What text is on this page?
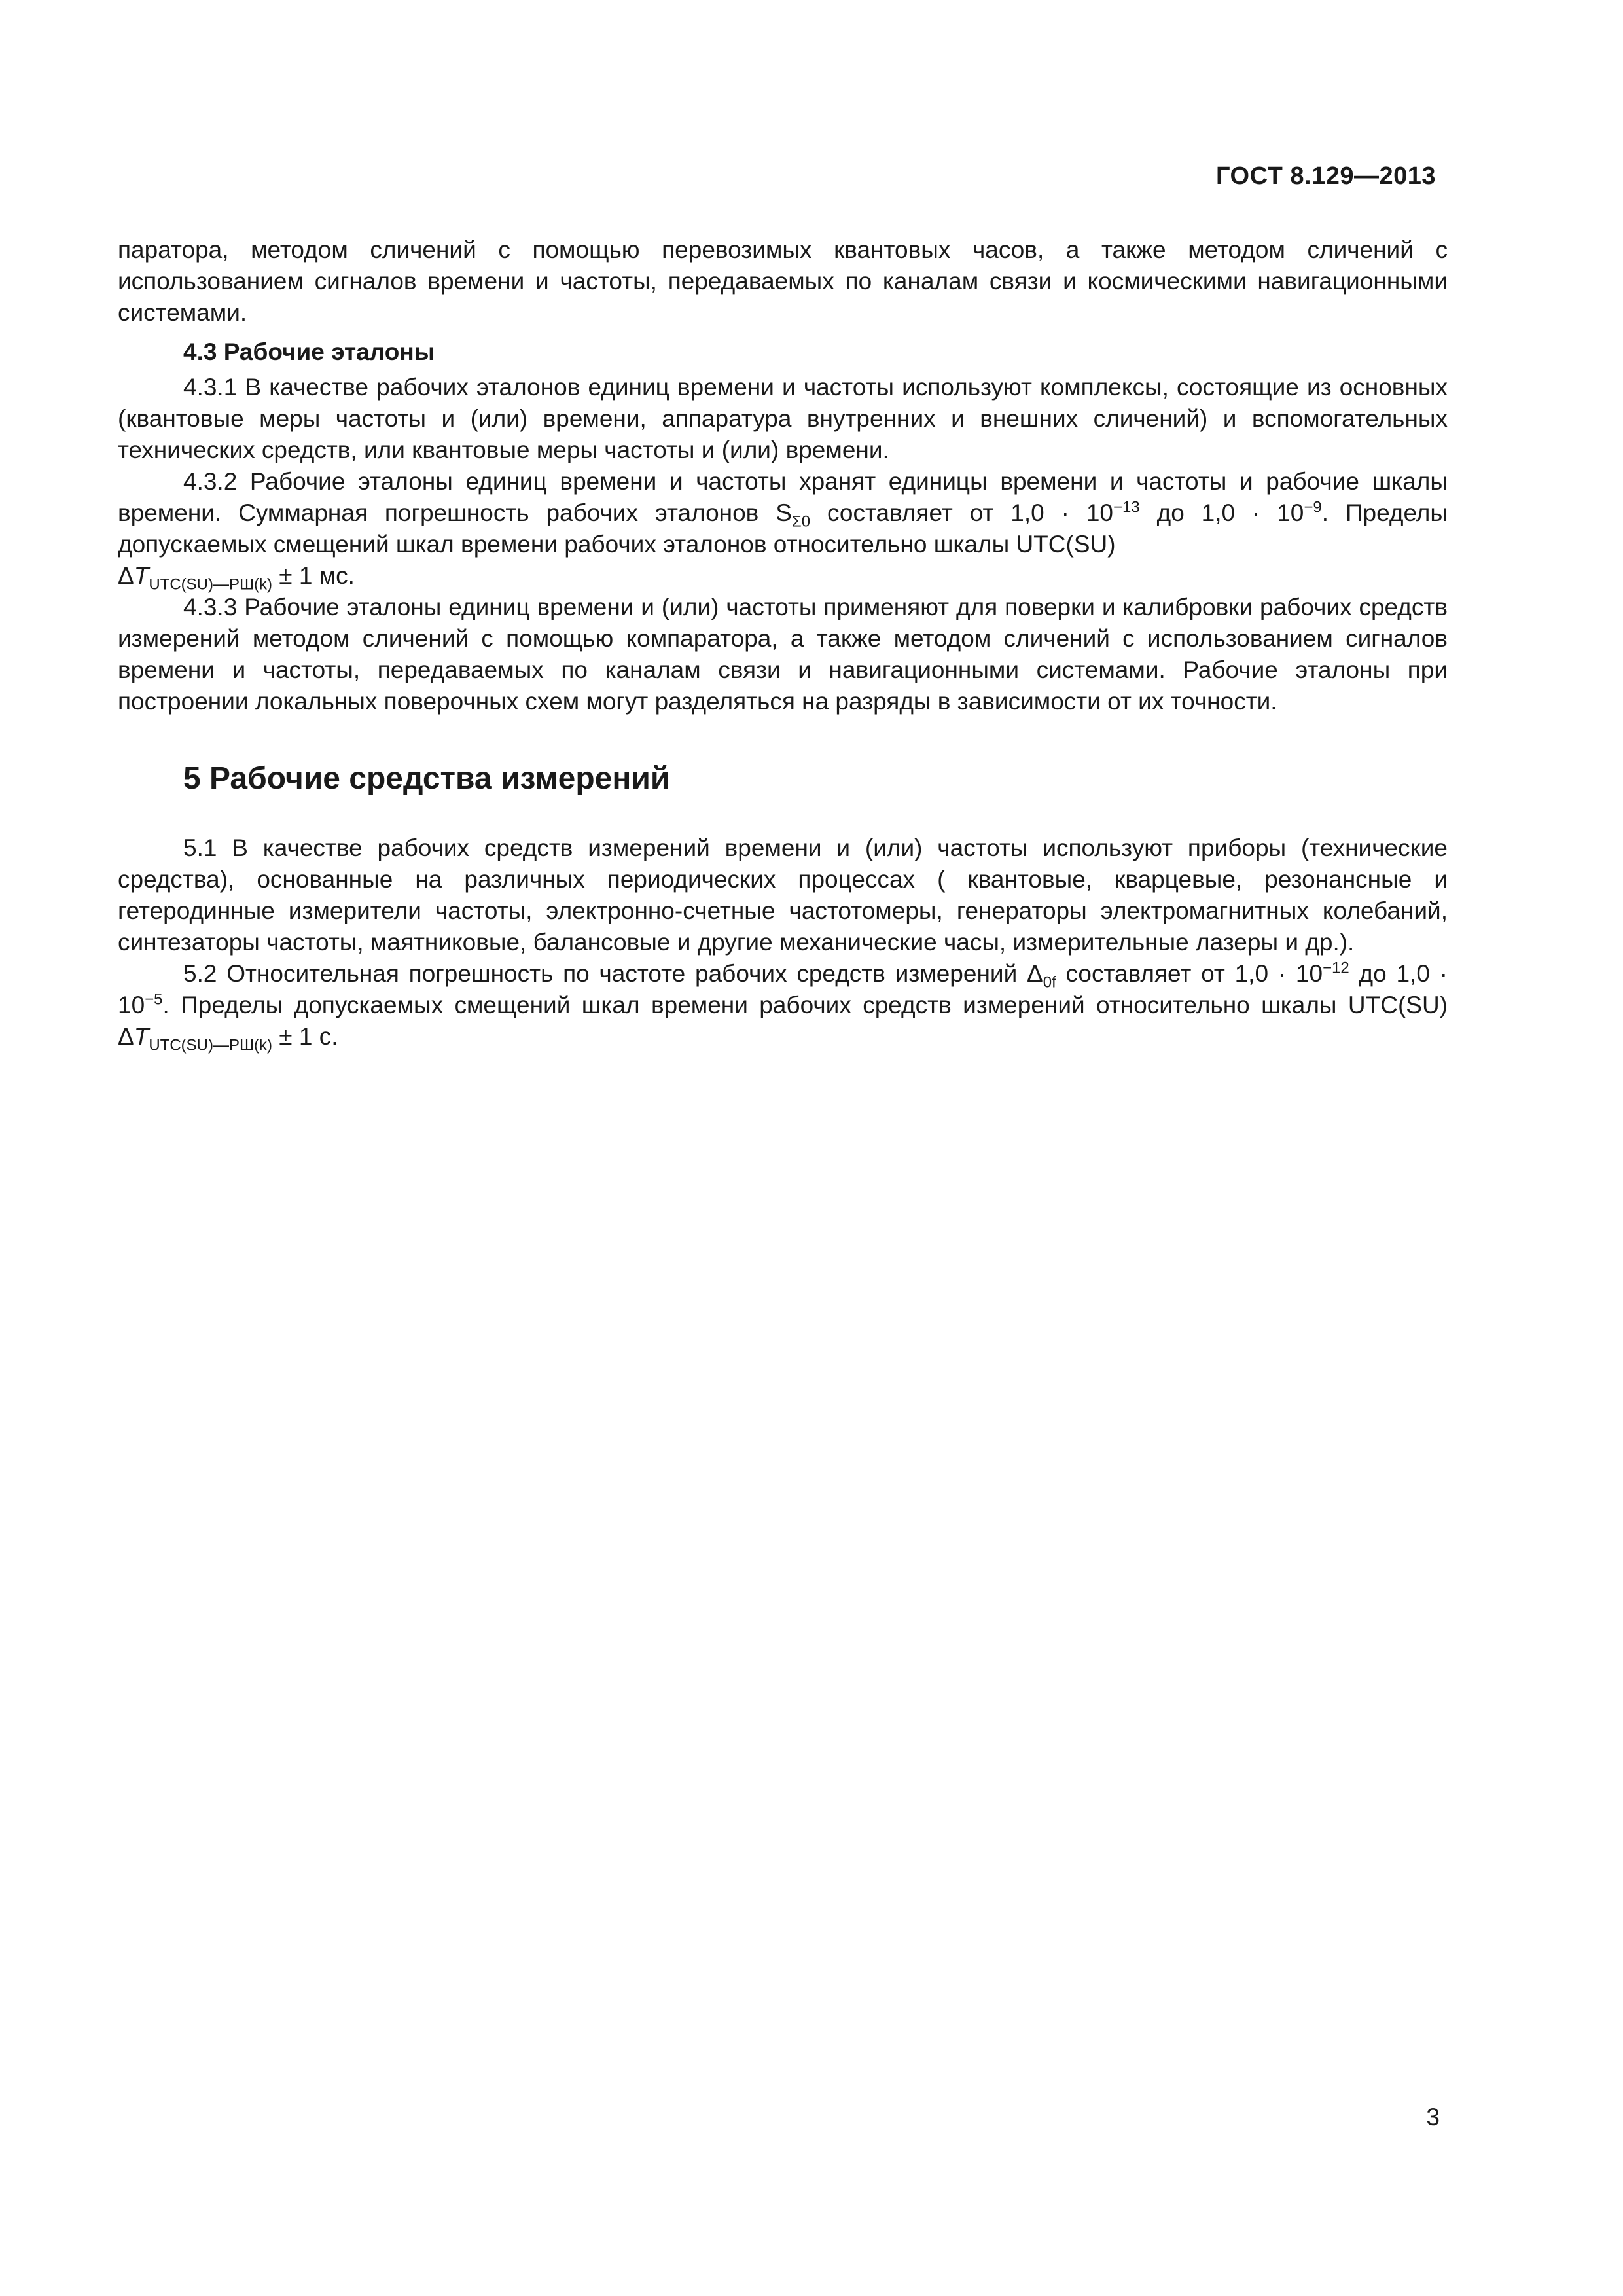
ГОСТ 8.129—2013

паратора, методом сличений с помощью перевозимых квантовых часов, а также методом сличений с использованием сигналов времени и частоты, передаваемых по каналам связи и космическими навигационными системами.

4.3 Рабочие эталоны

4.3.1 В качестве рабочих эталонов единиц времени и частоты используют комплексы, состоящие из основных (квантовые меры частоты и (или) времени, аппаратура внутренних и внешних сличений) и вспомогательных технических средств, или квантовые меры частоты и (или) времени.

4.3.2 Рабочие эталоны единиц времени и частоты хранят единицы времени и частоты и рабочие шкалы времени. Суммарная погрешность рабочих эталонов $S_{\Sigma 0}$ составляет от $1,0 \cdot 10^{-13}$ до $1,0 \cdot 10^{-9}$. Пределы допускаемых смещений шкал времени рабочих эталонов относительно шкалы UTC(SU)
$\Delta T_{UTC(SU)—РШ(k)} \pm 1$ мс.

4.3.3 Рабочие эталоны единиц времени и (или) частоты применяют для поверки и калибровки рабочих средств измерений методом сличений с помощью компаратора, а также методом сличений с использованием сигналов времени и частоты, передаваемых по каналам связи и навигационными системами. Рабочие эталоны при построении локальных поверочных схем могут разделяться на разряды в зависимости от их точности.

5 Рабочие средства измерений

5.1 В качестве рабочих средств измерений времени и (или) частоты используют приборы (технические средства), основанные на различных периодических процессах ( квантовые, кварцевые, резонансные и гетеродинные измерители частоты, электронно-счетные частотомеры, генераторы электромагнитных колебаний, синтезаторы частоты, маятниковые, балансовые и другие механические часы, измерительные лазеры и др.).

5.2 Относительная погрешность по частоте рабочих средств измерений $\Delta_{0f}$ составляет от $1,0 \cdot 10^{-12}$ до $1,0 \cdot 10^{-5}$. Пределы допускаемых смещений шкал времени рабочих средств измерений относительно шкалы UTC(SU) $\Delta T_{UTC(SU)—РШ(k)} \pm 1$ с.

3
